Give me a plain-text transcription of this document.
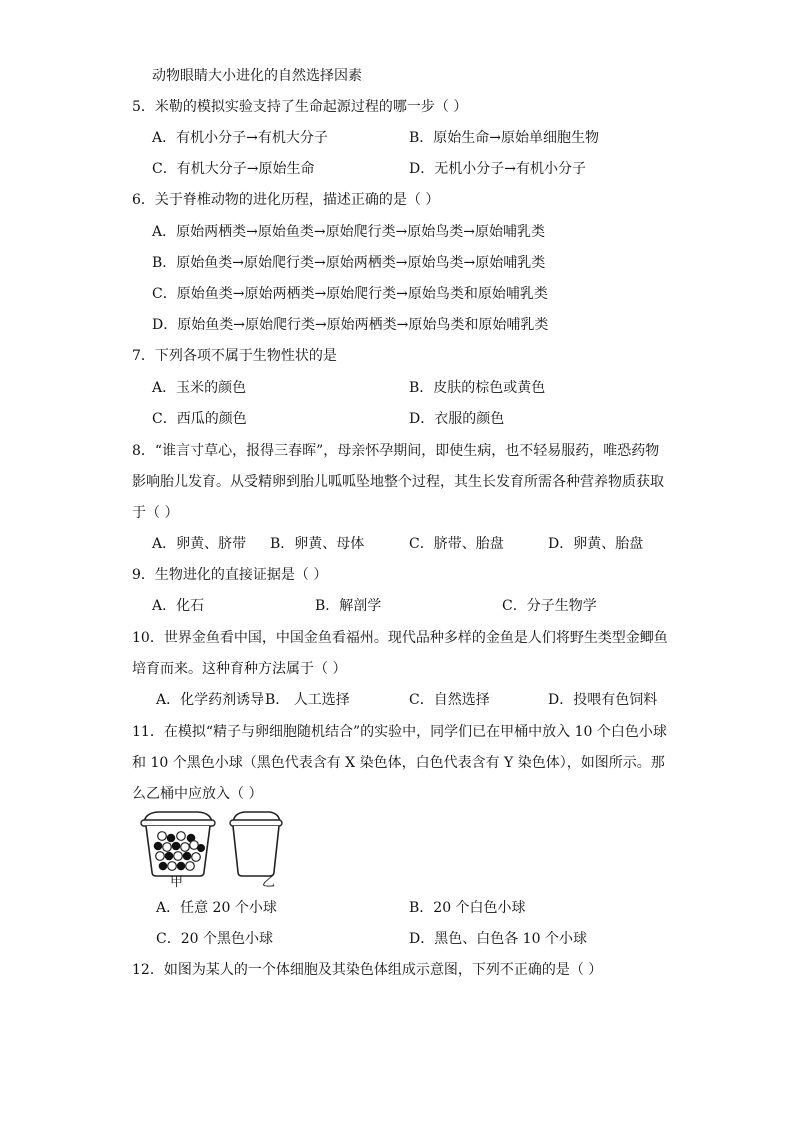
动物眼睛大小进化的自然选择因素
5．米勒的模拟实验支持了生命起源过程的哪一步（ ）
A．有机小分子→有机大分子	B．原始生命→原始单细胞生物
C．有机大分子→原始生命	D．无机小分子→有机小分子
6．关于脊椎动物的进化历程，描述正确的是（ ）
A．原始两栖类→原始鱼类→原始爬行类→原始鸟类→原始哺乳类
B．原始鱼类→原始爬行类→原始两栖类→原始鸟类→原始哺乳类
C．原始鱼类→原始两栖类→原始爬行类→原始鸟类和原始哺乳类
D．原始鱼类→原始爬行类→原始两栖类→原始鸟类和原始哺乳类
7．下列各项不属于生物性状的是
A．玉米的颜色	B．皮肤的棕色或黄色
C．西瓜的颜色	D．衣服的颜色
8．“谁言寸草心，报得三春晖”，母亲怀孕期间，即使生病，也不轻易服药，唯恐药物
影响胎儿发育。从受精卵到胎儿呱呱坠地整个过程，其生长发育所需各种营养物质获取
于（ ）
A．卵黄、脐带 B．卵黄、母体	C．脐带、胎盘	D．卵黄、胎盘
9．生物进化的直接证据是（ ）
A．化石	B．解剖学	C．分子生物学
10．世界金鱼看中国，中国金鱼看福州。现代品种多样的金鱼是人们将野生类型金鲫鱼
培育而来。这种育种方法属于（ ）
A．化学药剂诱导 B． 人工选择	C．自然选择	D．投喂有色饲料
11．在模拟“精子与卵细胞随机结合”的实验中，同学们已在甲桶中放入 10 个白色小球
和 10 个黑色小球（黑色代表含有 X 染色体，白色代表含有 Y 染色体），如图所示。那
么乙桶中应放入（ ）
甲	乙
A．任意 20 个小球	B．20 个白色小球
C．20 个黑色小球	D．黑色、白色各 10 个小球
12．如图为某人的一个体细胞及其染色体组成示意图，下列不正确的是（ ）
